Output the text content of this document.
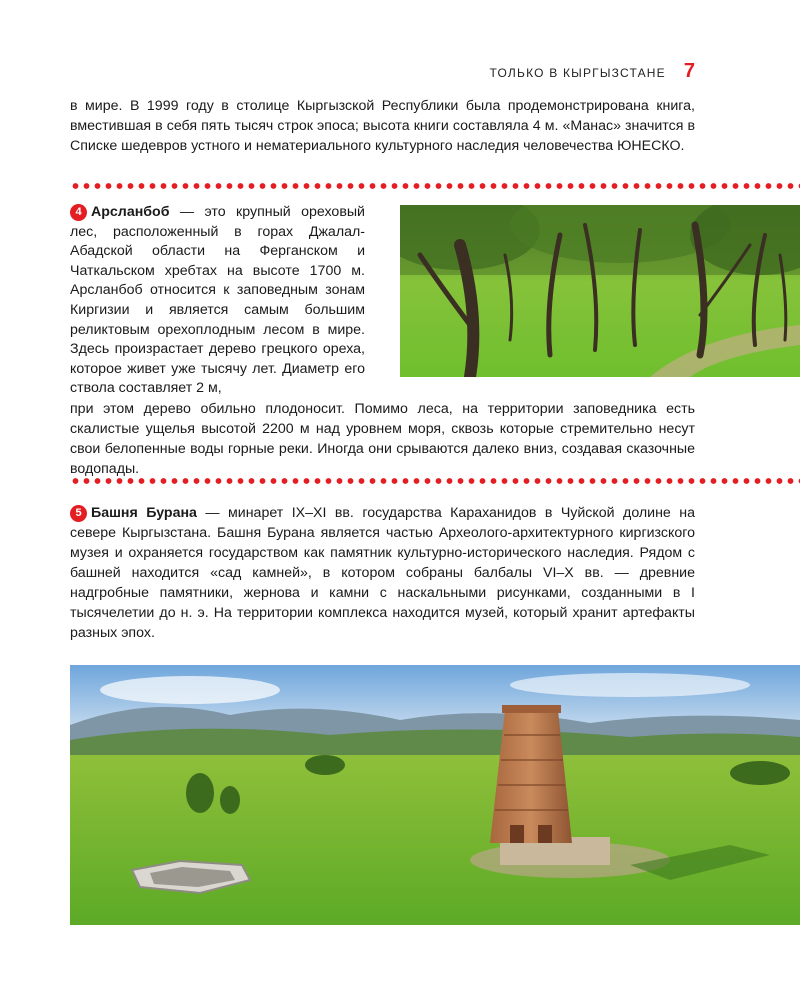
ТОЛЬКО В КЫРГЫЗСТАНЕ 7

в мире. В 1999 году в столице Кыргызской Республики была продемонстрирована книга, вместившая в себя пять тысяч строк эпоса; высота книги составляла 4 м. «Манас» значится в Списке шедевров устного и нематериального культурного наследия человечества ЮНЕСКО.

4 Арсланбоб — это крупный ореховый лес, расположенный в горах Джалал-Абадской области на Ферганском и Чаткальском хребтах на высоте 1700 м. Арсланбоб относится к заповедным зонам Киргизии и является самым большим реликтовым орехоплодным лесом в мире. Здесь произрастает дерево грецкого ореха, которое живет уже тысячу лет. Диаметр его ствола составляет 2 м,

при этом дерево обильно плодоносит. Помимо леса, на территории заповедника есть скалистые ущелья высотой 2200 м над уровнем моря, сквозь которые стремительно несут свои белопенные воды горные реки. Иногда они срываются далеко вниз, создавая сказочные водопады.

5 Башня Бурана — минарет IX–XI вв. государства Караханидов в Чуйской долине на севере Кыргызстана. Башня Бурана является частью Археолого-архитектурного киргизского музея и охраняется государством как памятник культурно-исторического наследия. Рядом с башней находится «сад камней», в котором собраны балбалы VI–X вв. — древние надгробные памятники, жернова и камни с наскальными рисунками, созданными в I тысячелетии до н. э. На территории комплекса находится музей, который хранит артефакты разных эпох.
